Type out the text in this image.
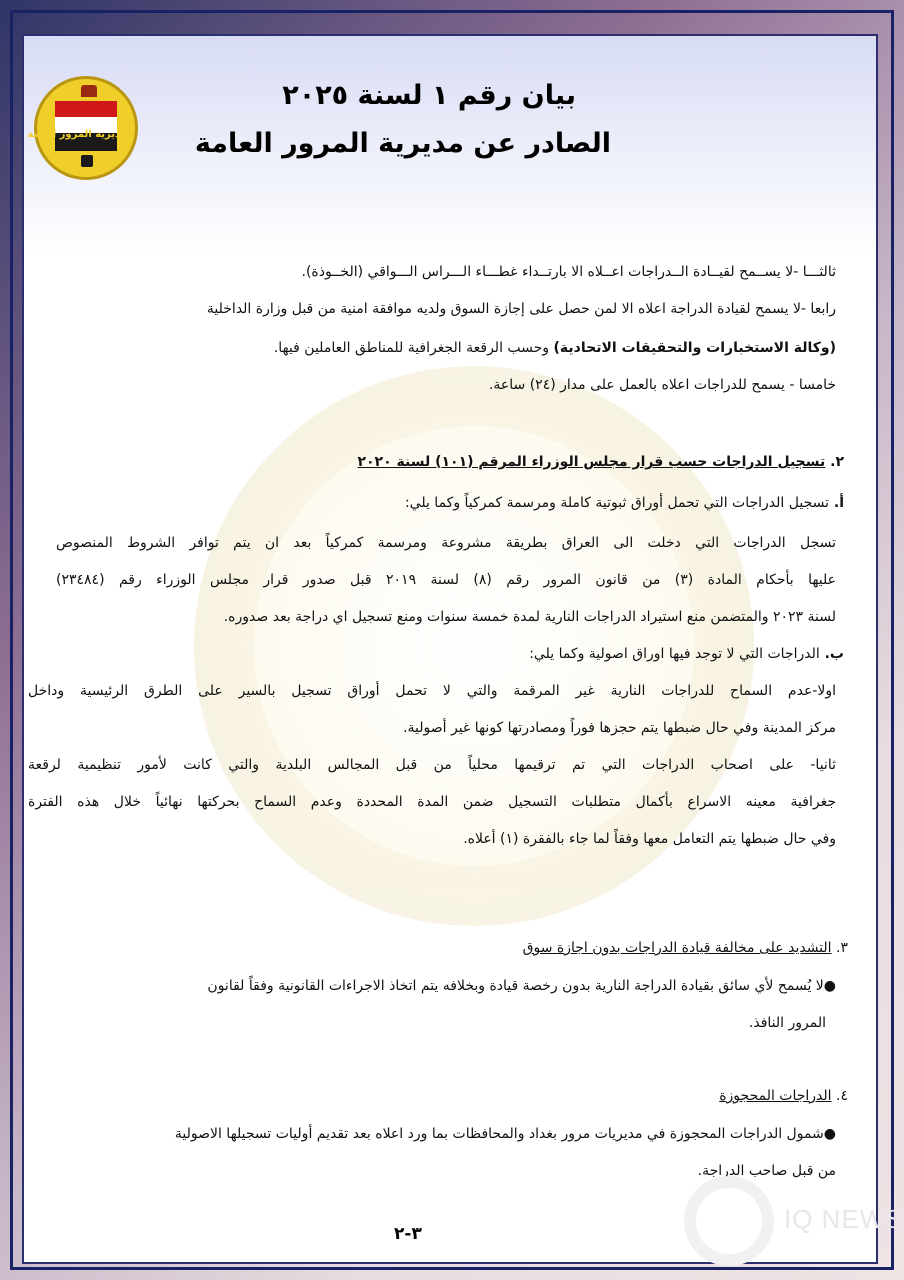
مديرية المرور العامة
بيان رقم ١ لسنة ٢٠٢٥
الصادر عن مديرية المرور العامة
ثالثـــا -لا يســمح لقيــادة الــدراجات اعــلاه الا بارتــداء غطـــاء الـــراس الـــواقي (الخــوذة).
رابعا -لا يسمح لقيادة الدراجة اعلاه الا لمن حصل على إجازة السوق ولديه موافقة امنية من قبل وزارة الداخلية
(وكالة الاستخبارات والتحقيقات الاتحادية) وحسب الرقعة الجغرافية للمناطق العاملين فيها.
خامسا - يسمح للدراجات اعلاه بالعمل على مدار (٢٤) ساعة.
٢. تسجيل الدراجات حسب قرار مجلس الوزراء المرقم (١٠١) لسنة ٢٠٢٠
أ. تسجيل الدراجات التي تحمل أوراق ثبوتية كاملة ومرسمة كمركياً وكما يلي:
تسجل الدراجات التي دخلت الى العراق بطريقة مشروعة ومرسمة كمركياً بعد ان يتم توافر الشروط المنصوص
عليها بأحكام المادة (٣) من قانون المرور رقم (٨) لسنة ٢٠١٩ قبل صدور قرار مجلس الوزراء رقم (٢٣٤٨٤)
لسنة ٢٠٢٣ والمتضمن منع استيراد الدراجات النارية لمدة خمسة سنوات ومنع تسجيل اي دراجة بعد صدوره.
ب. الدراجات التي لا توجد فيها اوراق اصولية وكما يلي:
اولا-عدم السماح للدراجات النارية غير المرقمة والتي لا تحمل أوراق تسجيل بالسير على الطرق الرئيسية وداخل
مركز المدينة وفي حال ضبطها يتم حجزها فوراً ومصادرتها كونها غير أصولية.
ثانيا- على اصحاب الدراجات التي تم ترقيمها محلياً من قبل المجالس البلدية والتي كانت لأمور تنظيمية لرقعة
جغرافية معينه الاسراع بأكمال متطلبات التسجيل ضمن المدة المحددة وعدم السماح بحركتها نهائياً خلال هذه الفترة
وفي حال ضبطها يتم التعامل معها وفقاً لما جاء بالفقرة (١) أعلاه.
٣. التشديد على مخالفة قيادة الدراجات بدون اجازة سوق
●لا يُسمح لأي سائق بقيادة الدراجة النارية بدون رخصة قيادة وبخلافه يتم اتخاذ الاجراءات القانونية وفقاً لقانون
المرور النافذ.
٤. الدراجات المحجوزة
●شمول الدراجات المحجوزة في مديريات مرور بغداد والمحافظات بما ورد اعلاه بعد تقديم أوليات تسجيلها الاصولية
من قبل صاحب الدراجة.
٣-٢	IQ NEWS
